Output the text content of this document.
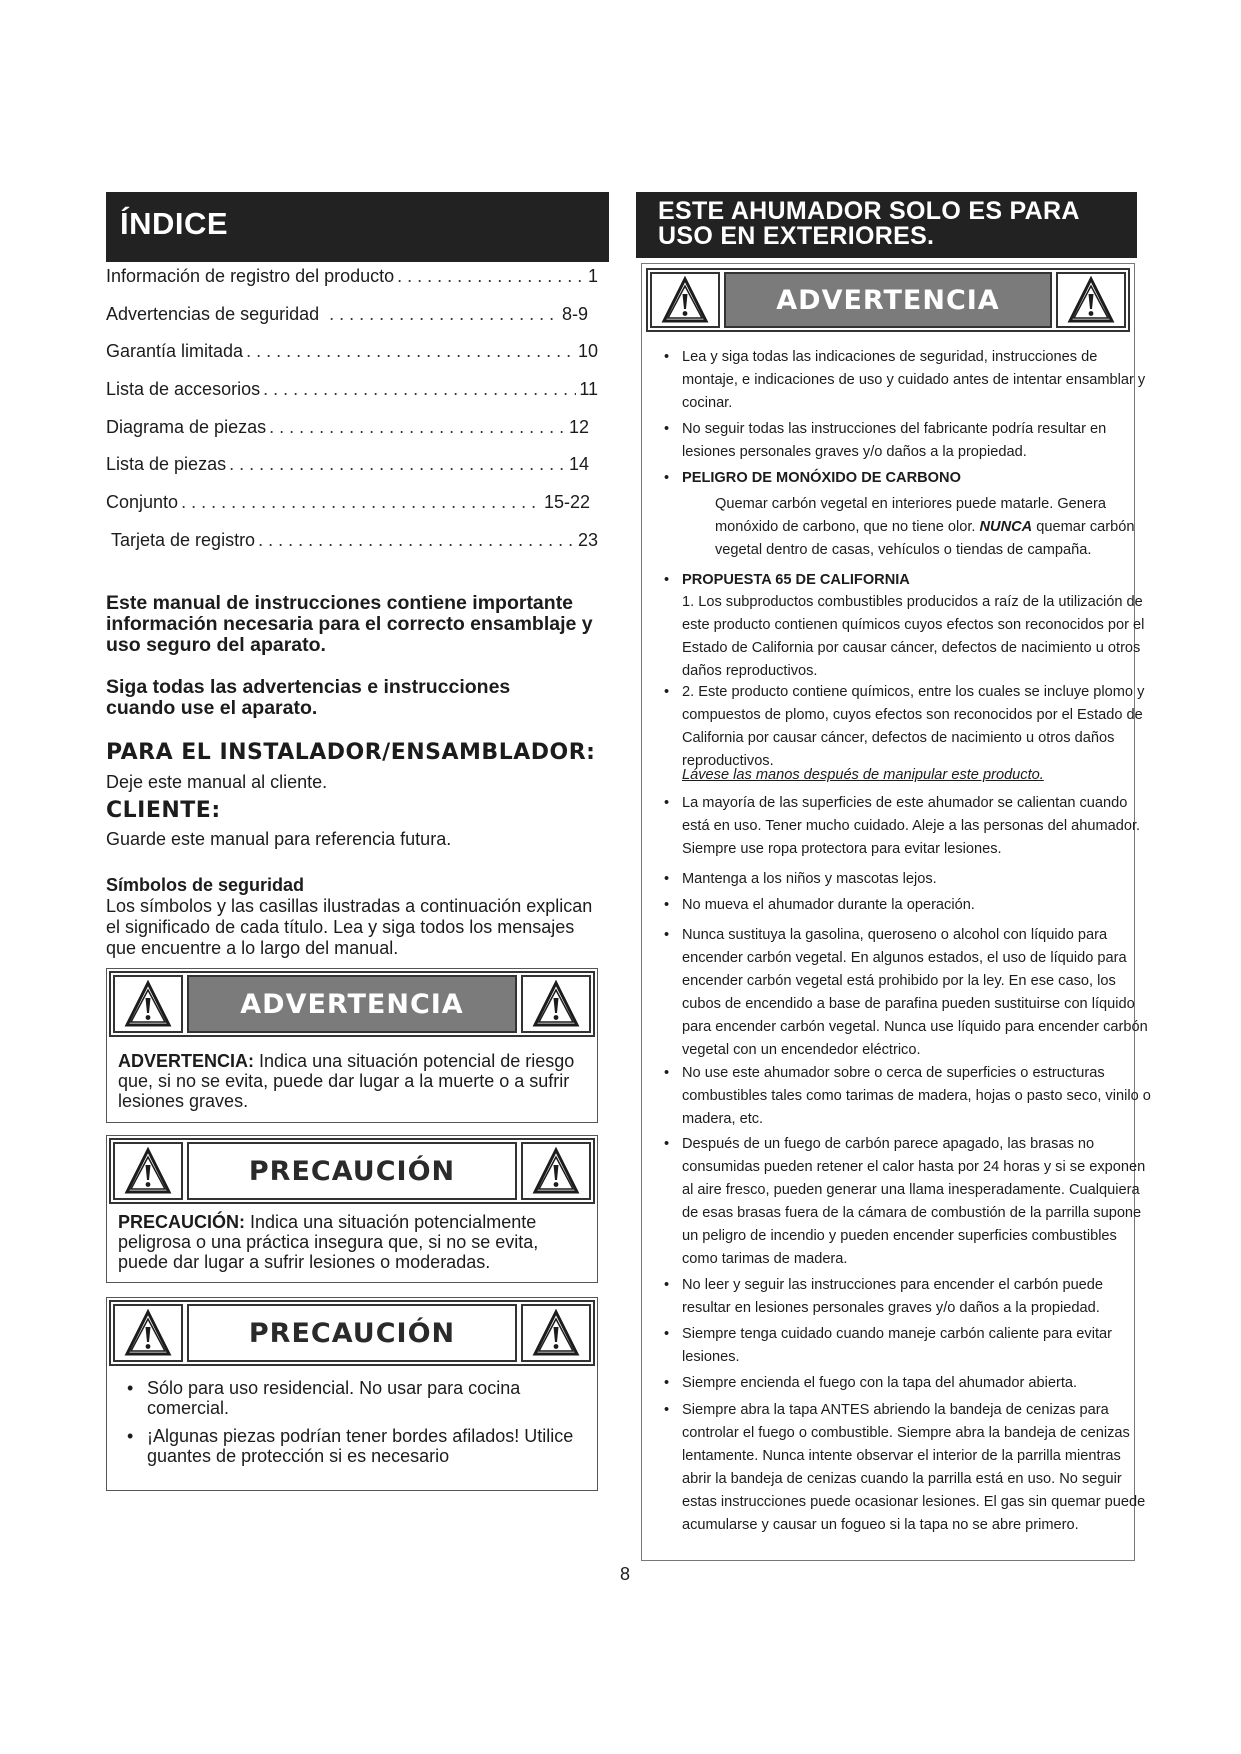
ÍNDICE
Información de registro del producto . . .	1
Advertencias de seguridad . . .	8-9
Garantía limitada . . .	10
Lista de accesorios . . .	11
Diagrama de piezas . . .	12
Lista de piezas . . .	14
Conjunto . . .	15-22
Tarjeta de registro . . .	23
Este manual de instrucciones contiene importante información necesaria para el correcto ensamblaje y uso seguro del aparato.
Siga todas las advertencias e instrucciones cuando use el aparato.
PARA EL INSTALADOR/ENSAMBLADOR:
Deje este manual al cliente.
CLIENTE:
Guarde este manual para referencia futura.
Símbolos de seguridad
Los símbolos y las casillas ilustradas a continuación explican el significado de cada título. Lea y siga todos los mensajes que encuentre a lo largo del manual.
ADVERTENCIA
ADVERTENCIA: Indica una situación potencial de riesgo que, si no se evita, puede dar lugar a la muerte o a sufrir lesiones graves.
PRECAUCIÓN
PRECAUCIÓN: Indica una situación potencialmente peligrosa o una práctica insegura que, si no se evita, puede dar lugar a sufrir lesiones o moderadas.
PRECAUCIÓN
• Sólo para uso residencial. No usar para cocina comercial.
• ¡Algunas piezas podrían tener bordes afilados! Utilice guantes de protección si es necesario
ESTE AHUMADOR SOLO ES PARA
USO EN EXTERIORES.
ADVERTENCIA
• Lea y siga todas las indicaciones de seguridad, instrucciones de montaje, e indicaciones de uso y cuidado antes de intentar ensamblar y cocinar.
• No seguir todas las instrucciones del fabricante podría resultar en lesiones personales graves y/o daños a la propiedad.
• PELIGRO DE MONÓXIDO DE CARBONO
Quemar carbón vegetal en interiores puede matarle. Genera monóxido de carbono, que no tiene olor. NUNCA quemar carbón vegetal dentro de casas, vehículos o tiendas de campaña.
• PROPUESTA 65 DE CALIFORNIA
1. Los subproductos combustibles producidos a raíz de la utilización de este producto contienen químicos cuyos efectos son reconocidos por el Estado de California por causar cáncer, defectos de nacimiento u otros daños reproductivos.
• 2. Este producto contiene químicos, entre los cuales se incluye plomo y compuestos de plomo, cuyos efectos son reconocidos por el Estado de California por causar cáncer, defectos de nacimiento u otros daños reproductivos.
Lávese las manos después de manipular este producto.
• La mayoría de las superficies de este ahumador se calientan cuando está en uso. Tener mucho cuidado. Aleje a las personas del ahumador. Siempre use ropa protectora para evitar lesiones.
• Mantenga a los niños y mascotas lejos.
• No mueva el ahumador durante la operación.
• Nunca sustituya la gasolina, queroseno o alcohol con líquido para encender carbón vegetal. En algunos estados, el uso de líquido para encender carbón vegetal está prohibido por la ley. En ese caso, los cubos de encendido a base de parafina pueden sustituirse con líquido para encender carbón vegetal. Nunca use líquido para encender carbón vegetal con un encendedor eléctrico.
• No use este ahumador sobre o cerca de superficies o estructuras combustibles tales como tarimas de madera, hojas o pasto seco, vinilo o madera, etc.
• Después de un fuego de carbón parece apagado, las brasas no consumidas pueden retener el calor hasta por 24 horas y si se exponen al aire fresco, pueden generar una llama inesperadamente. Cualquiera de esas brasas fuera de la cámara de combustión de la parrilla supone un peligro de incendio y pueden encender superficies combustibles como tarimas de madera.
• No leer y seguir las instrucciones para encender el carbón puede resultar en lesiones personales graves y/o daños a la propiedad.
• Siempre tenga cuidado cuando maneje carbón caliente para evitar lesiones.
• Siempre encienda el fuego con la tapa del ahumador abierta.
• Siempre abra la tapa ANTES abriendo la bandeja de cenizas para controlar el fuego o combustible. Siempre abra la bandeja de cenizas lentamente. Nunca intente observar el interior de la parrilla mientras abrir la bandeja de cenizas cuando la parrilla está en uso. No seguir estas instrucciones puede ocasionar lesiones. El gas sin quemar puede acumularse y causar un fogueo si la tapa no se abre primero.
8
